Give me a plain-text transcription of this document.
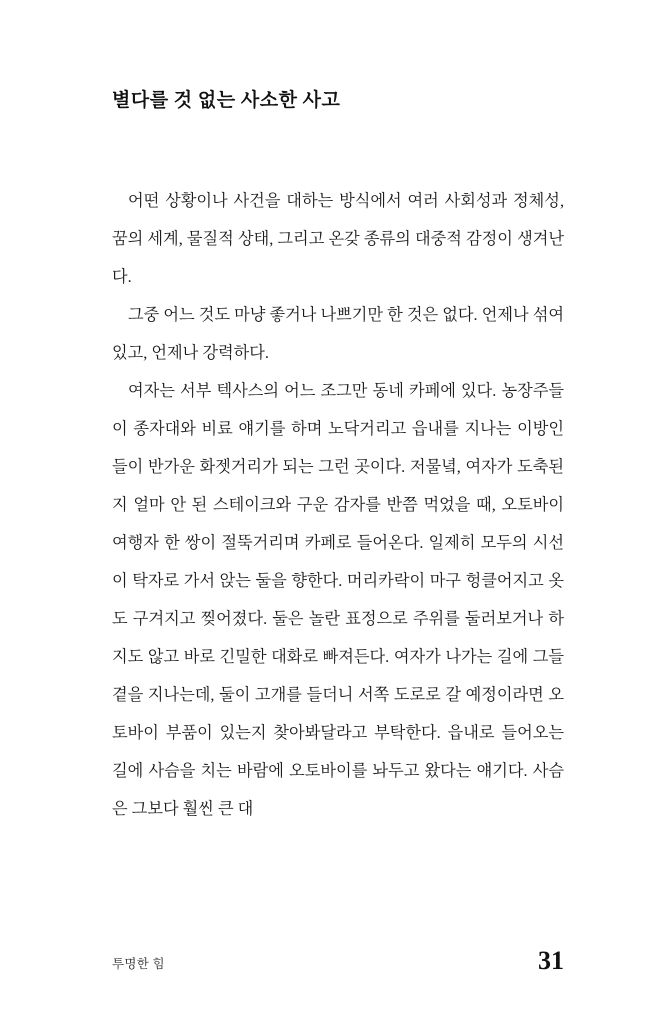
별다를 것 없는 사소한 사고

어떤 상황이나 사건을 대하는 방식에서 여러 사회성과 정체성, 꿈의 세계, 물질적 상태, 그리고 온갖 종류의 대중적 감정이 생겨난다.

그중 어느 것도 마냥 좋거나 나쁘기만 한 것은 없다. 언제나 섞여 있고, 언제나 강력하다.

여자는 서부 텍사스의 어느 조그만 동네 카페에 있다. 농장주들이 종자대와 비료 얘기를 하며 노닥거리고 읍내를 지나는 이방인들이 반가운 화젯거리가 되는 그런 곳이다. 저물녘, 여자가 도축된 지 얼마 안 된 스테이크와 구운 감자를 반쯤 먹었을 때, 오토바이 여행자 한 쌍이 절뚝거리며 카페로 들어온다. 일제히 모두의 시선이 탁자로 가서 앉는 둘을 향한다. 머리카락이 마구 헝클어지고 옷도 구겨지고 찢어졌다. 둘은 놀란 표정으로 주위를 둘러보거나 하지도 않고 바로 긴밀한 대화로 빠져든다. 여자가 나가는 길에 그들 곁을 지나는데, 둘이 고개를 들더니 서쪽 도로로 갈 예정이라면 오토바이 부품이 있는지 찾아봐달라고 부탁한다. 읍내로 들어오는 길에 사슴을 치는 바람에 오토바이를 놔두고 왔다는 얘기다. 사슴은 그보다 훨씬 큰 대

투명한 힘	31
